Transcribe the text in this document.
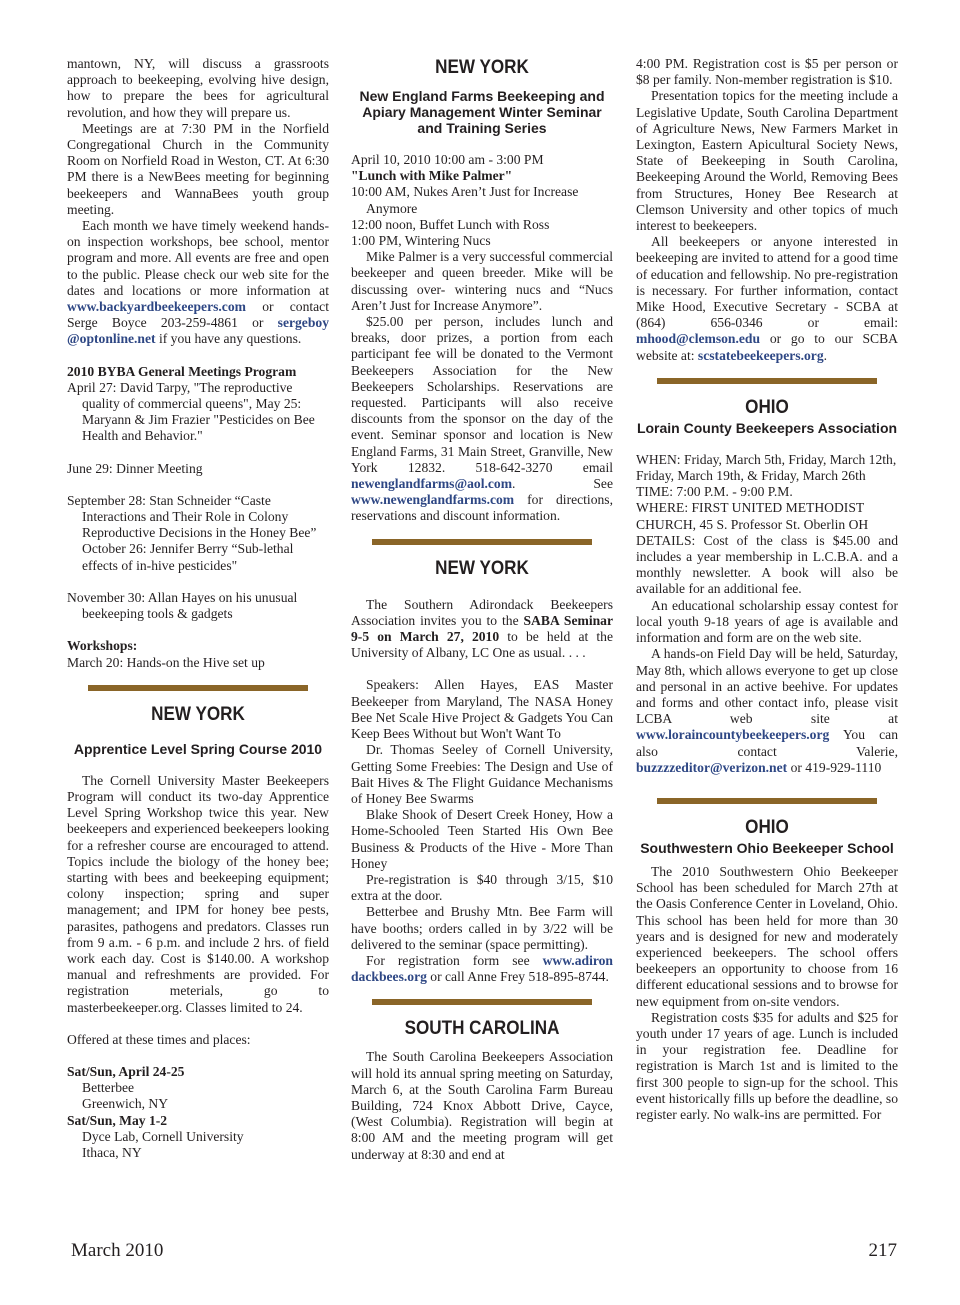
mantown, NY, will discuss a grassroots approach to beekeeping, evolving hive design, how to prepare the bees for agricultural revolution, and how they will prepare us.

Meetings are at 7:30 PM in the Norfield Congregational Church in the Community Room on Norfield Road in Weston, CT. At 6:30 PM there is a NewBees meeting for beginning beekeepers and WannaBees youth group meeting.

Each month we have timely weekend hands-on inspection workshops, bee school, mentor program and more. All events are free and open to the public. Please check our web site for the dates and locations or more information at www.backyardbeekeepers.com or contact Serge Boyce 203-259-4861 or sergeboy @optonline.net if you have any questions.

2010 BYBA General Meetings Program

April 27: David Tarpy, "The reproductive quality of commercial queens", May 25: Maryann & Jim Frazier "Pesticides on Bee Health and Behavior."

June 29: Dinner Meeting

September 28: Stan Schneider “Caste Interactions and Their Role in Colony Reproductive Decisions in the Honey Bee” October 26: Jennifer Berry “Sub-lethal effects of in-hive pesticides"

November 30: Allan Hayes on his unusual beekeeping tools & gadgets

Workshops:

March 20: Hands-on the Hive set up

NEW YORK
Apprentice Level Spring Course 2010

The Cornell University Master Beekeepers Program will conduct its two-day Apprentice Level Spring Workshop twice this year. New beekeepers and experienced beekeepers looking for a refresher course are encouraged to attend. Topics include the biology of the honey bee; starting with bees and beekeeping equipment; colony inspection; spring and super management; and IPM for honey bee pests, parasites, pathogens and predators. Classes run from 9 a.m. - 6 p.m. and include 2 hrs. of field work each day. Cost is $140.00. A workshop manual and refreshments are provided. For registration meterials, go to masterbeekeeper.org. Classes limited to 24.

Offered at these times and places:

Sat/Sun, April 24-25

Betterbee

Greenwich, NY

Sat/Sun, May 1-2

Dyce Lab, Cornell University

Ithaca, NY

NEW YORK
New England Farms Beekeeping and Apiary Management Winter Seminar and Training Series

April 10, 2010 10:00 am - 3:00 PM

"Lunch with Mike Palmer"

10:00 AM, Nukes Aren’t Just for Increase Anymore

12:00 noon, Buffet Lunch with Ross

1:00 PM, Wintering Nucs

Mike Palmer is a very successful commercial beekeeper and queen breeder. Mike will be discussing over- wintering nucs and “Nucs Aren’t Just for Increase Anymore”.

$25.00 per person, includes lunch and breaks, door prizes, a portion from each participant fee will be donated to the Vermont Beekeepers Association for the New Beekeepers Scholarships. Reservations are requested. Participants will also receive discounts from the sponsor on the day of the event. Seminar sponsor and location is New England Farms, 31 Main Street, Granville, New York 12832. 518-642-3270 email newenglandfarms@aol.com. See www.newenglandfarms.com for directions, reservations and discount information.

NEW YORK

The Southern Adirondack Beekeepers Association invites you to the SABA Seminar 9-5 on March 27, 2010 to be held at the University of Albany, LC One as usual. . . .

Speakers: Allen Hayes, EAS Master Beekeeper from Maryland, The NASA Honey Bee Net Scale Hive Project & Gadgets You Can Keep Bees Without but Won't Want To

Dr. Thomas Seeley of Cornell University, Getting Some Freebies: The Design and Use of Bait Hives & The Flight Guidance Mechanisms of Honey Bee Swarms

Blake Shook of Desert Creek Honey, How a Home-Schooled Teen Started His Own Bee Business & Products of the Hive - More Than Honey

Pre-registration is $40 through 3/15, $10 extra at the door.

Betterbee and Brushy Mtn. Bee Farm will have booths; orders called in by 3/22 will be delivered to the seminar (space permitting).

For registration form see www.adiron dackbees.org or call Anne Frey 518-895-8744.

SOUTH CAROLINA

The South Carolina Beekeepers Association will hold its annual spring meeting on Saturday, March 6, at the South Carolina Farm Bureau Building, 724 Knox Abbott Drive, Cayce, (West Columbia). Registration will begin at 8:00 AM and the meeting program will get underway at 8:30 and end at

4:00 PM. Registration cost is $5 per person or $8 per family. Non-member registration is $10.

Presentation topics for the meeting include a Legislative Update, South Carolina Department of Agriculture News, New Farmers Market in Lexington, Eastern Apicultural Society News, State of Beekeeping in South Carolina, Beekeeping Around the World, Removing Bees from Structures, Honey Bee Research at Clemson University and other topics of much interest to beekeepers.

All beekeepers or anyone interested in beekeeping are invited to attend for a good time of education and fellowship. No pre-registration is necessary. For further information, contact Mike Hood, Executive Secretary - SCBA at (864) 656-0346 or email: mhood@clemson.edu or go to our SCBA website at: scstatebeekeepers.org.

OHIO
Lorain County Beekeepers Association

WHEN: Friday, March 5th, Friday, March 12th, Friday, March 19th, & Friday, March 26th

TIME: 7:00 P.M. - 9:00 P.M.

WHERE: FIRST UNITED METHODIST CHURCH, 45 S. Professor St. Oberlin OH

DETAILS: Cost of the class is $45.00 and includes a year membership in L.C.B.A. and a monthly newsletter. A book will also be available for an additional fee.

An educational scholarship essay contest for local youth 9-18 years of age is available and information and form are on the web site.

A hands-on Field Day will be held, Saturday, May 8th, which allows everyone to get up close and personal in an active beehive. For updates and forms and other contact info, please visit LCBA web site at www.loraincountybeekeepers.org You can also contact Valerie, buzzzzeditor@verizon.net or 419-929-1110

OHIO
Southwestern Ohio Beekeeper School

The 2010 Southwestern Ohio Beekeeper School has been scheduled for March 27th at the Oasis Conference Center in Loveland, Ohio. This school has been held for more than 30 years and is designed for new and moderately experienced beekeepers. The school offers beekeepers an opportunity to choose from 16 different educational sessions and to browse for new equipment from on-site vendors.

Registration costs $35 for adults and $25 for youth under 17 years of age. Lunch is included in your registration fee. Deadline for registration is March 1st and is limited to the first 300 people to sign-up for the school. This event historically fills up before the deadline, so register early. No walk-ins are permitted. For

March 2010	217
